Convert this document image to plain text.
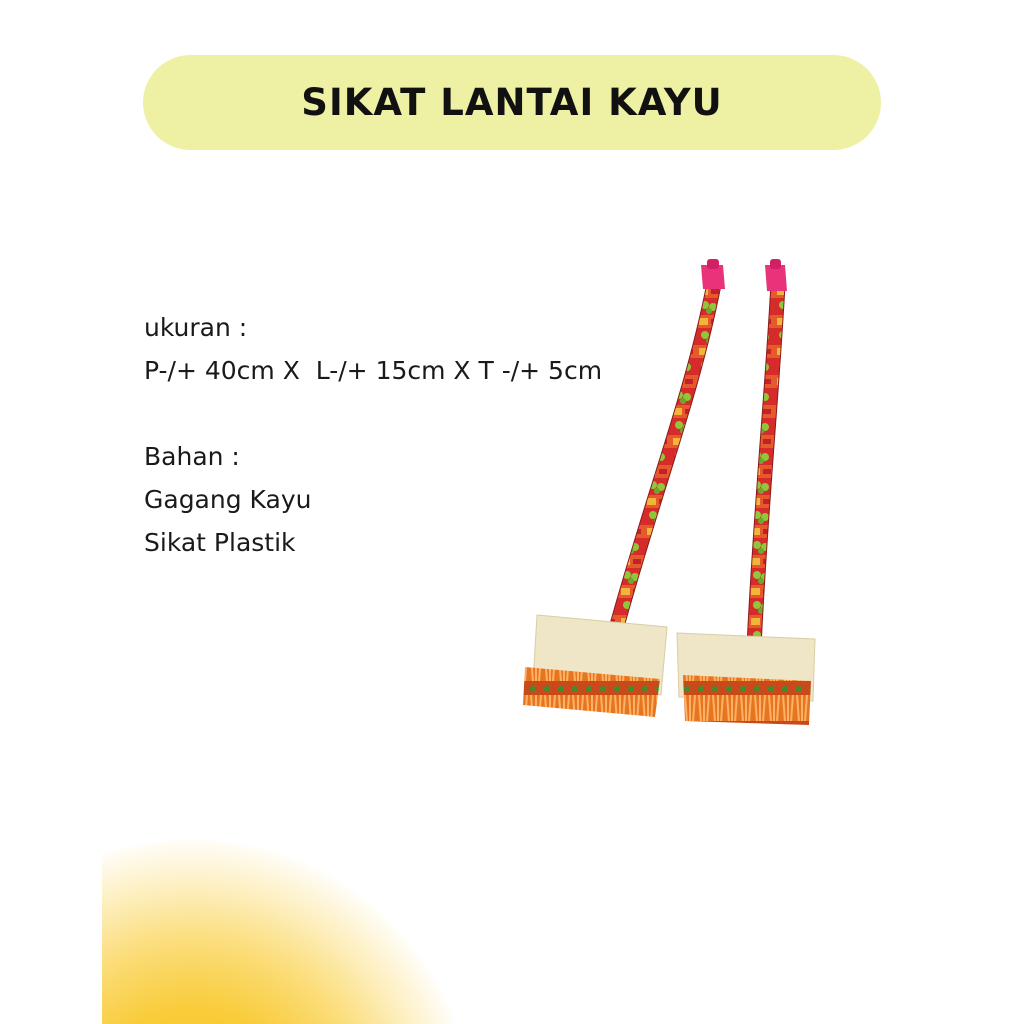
SIKAT LANTAI KAYU
ukuran :
P-/+ 40cm X  L-/+ 15cm X T -/+ 5cm
Bahan :
Gagang Kayu
Sikat Plastik
